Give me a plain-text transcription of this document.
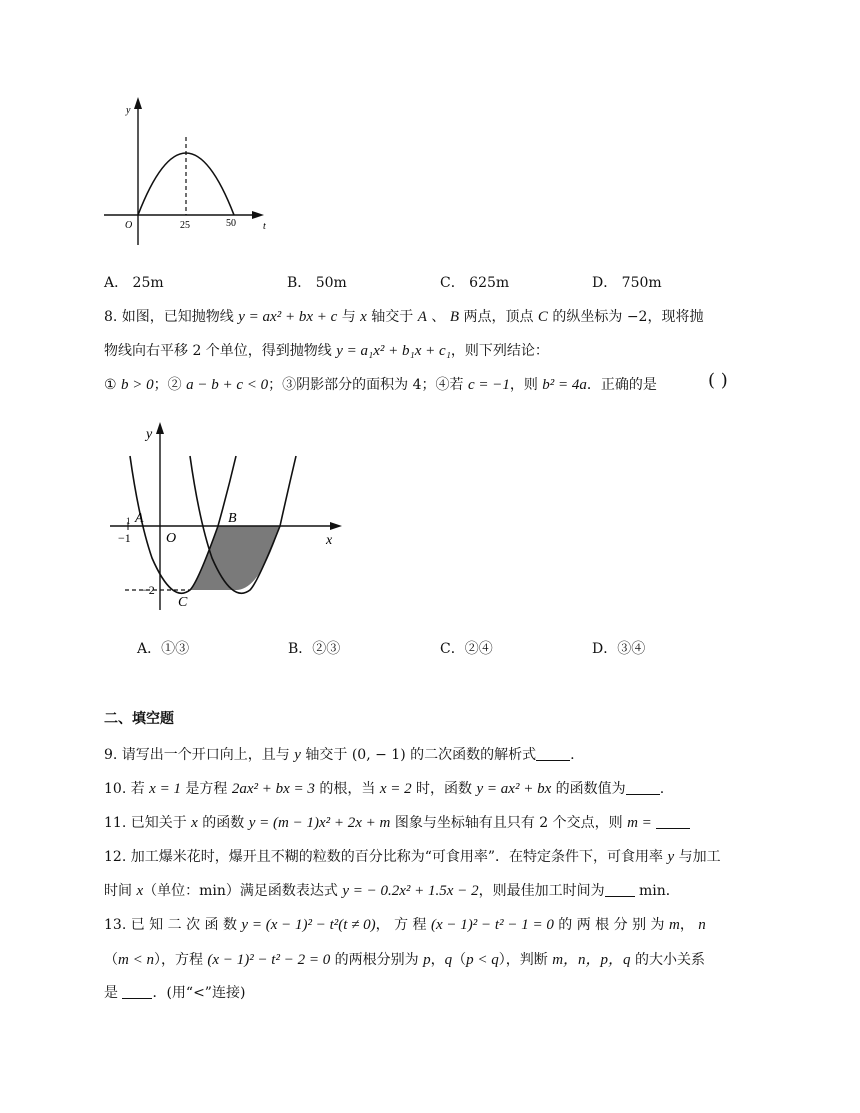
y
t
O	25	50
A． 25m	B． 50m	C． 625m	D． 750m
8. 如图，已知抛物线 y = ax² + bx + c 与 x 轴交于 A 、 B 两点，顶点 C 的纵坐标为 −2，现将抛
物线向右平移 2 个单位，得到抛物线 y = a₁x² + b₁x + c₁，则下列结论：
① b > 0；② a − b + c < 0；③阴影部分的面积为 4；④若 c = −1，则 b² = 4a．正确的是	( )
y
x
O
A	B
C
−1
1
−2
A．①③	B．②③	C．②④	D．③④
二、填空题
9. 请写出一个开口向上，且与 y 轴交于 (0, − 1) 的二次函数的解析式 .
10. 若 x = 1 是方程 2ax² + bx = 3 的根，当 x = 2 时，函数 y = ax² + bx 的函数值为 .
11. 已知关于 x 的函数 y = (m − 1)x² + 2x + m 图象与坐标轴有且只有 2 个交点，则 m =
12. 加工爆米花时，爆开且不糊的粒数的百分比称为“可食用率”．在特定条件下，可食用率 y 与加工
时间 x（单位：min）满足函数表达式 y = − 0.2x² + 1.5x − 2，则最佳加工时间为 min．
13. 已 知 二 次 函 数 y = (x − 1)² − t²(t ≠ 0)， 方 程 (x − 1)² − t² − 1 = 0 的 两 根 分 别 为 m， n
（m < n），方程 (x − 1)² − t² − 2 = 0 的两根分别为 p，q（p < q），判断 m，n，p，q 的大小关系
是 ．(用“<”连接)
